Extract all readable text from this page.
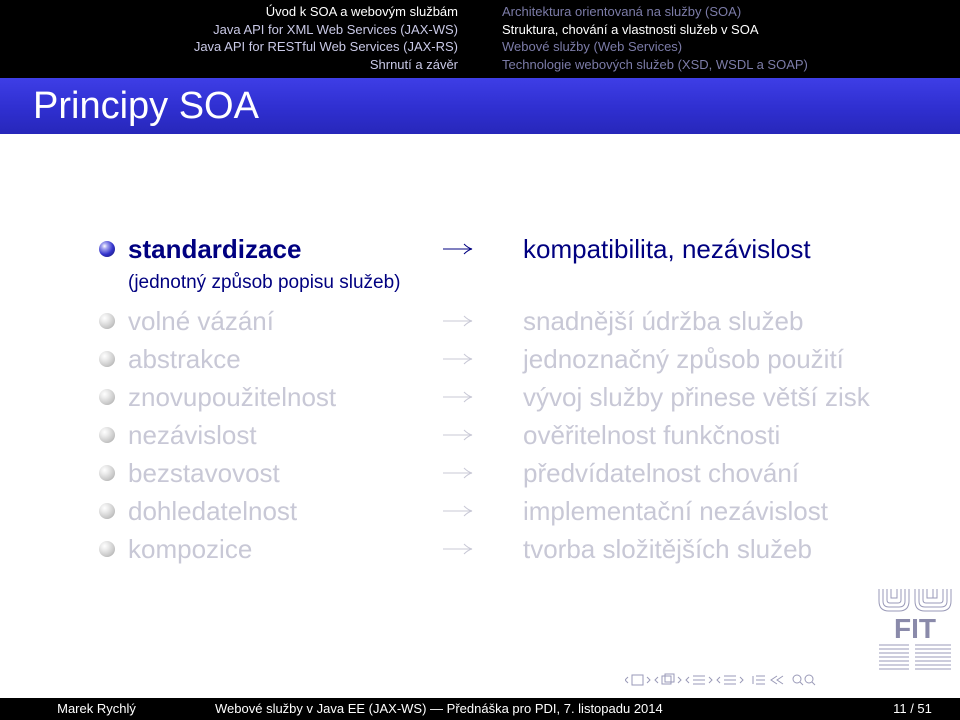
Úvod k SOA a webovým službám
Java API for XML Web Services (JAX-WS)
Java API for RESTful Web Services (JAX-RS)
Shrnutí a závěr
Architektura orientovaná na služby (SOA)
Struktura, chování a vlastnosti služeb v SOA
Webové služby (Web Services)
Technologie webových služeb (XSD, WSDL a SOAP)
Principy SOA
standardizace	kompatibilita, nezávislost
(jednotný způsob popisu služeb)
volné vázání	snadnější údržba služeb
abstrakce	jednoznačný způsob použití
znovupoužitelnost	vývoj služby přinese větší zisk
nezávislost	ověřitelnost funkčnosti
bezstavovost	předvídatelnost chování
dohledatelnost	implementační nezávislost
kompozice	tvorba složitějších služeb
FIT
Marek Rychlý	Webové služby v Java EE (JAX-WS) — Přednáška pro PDI, 7. listopadu 2014	11 / 51
